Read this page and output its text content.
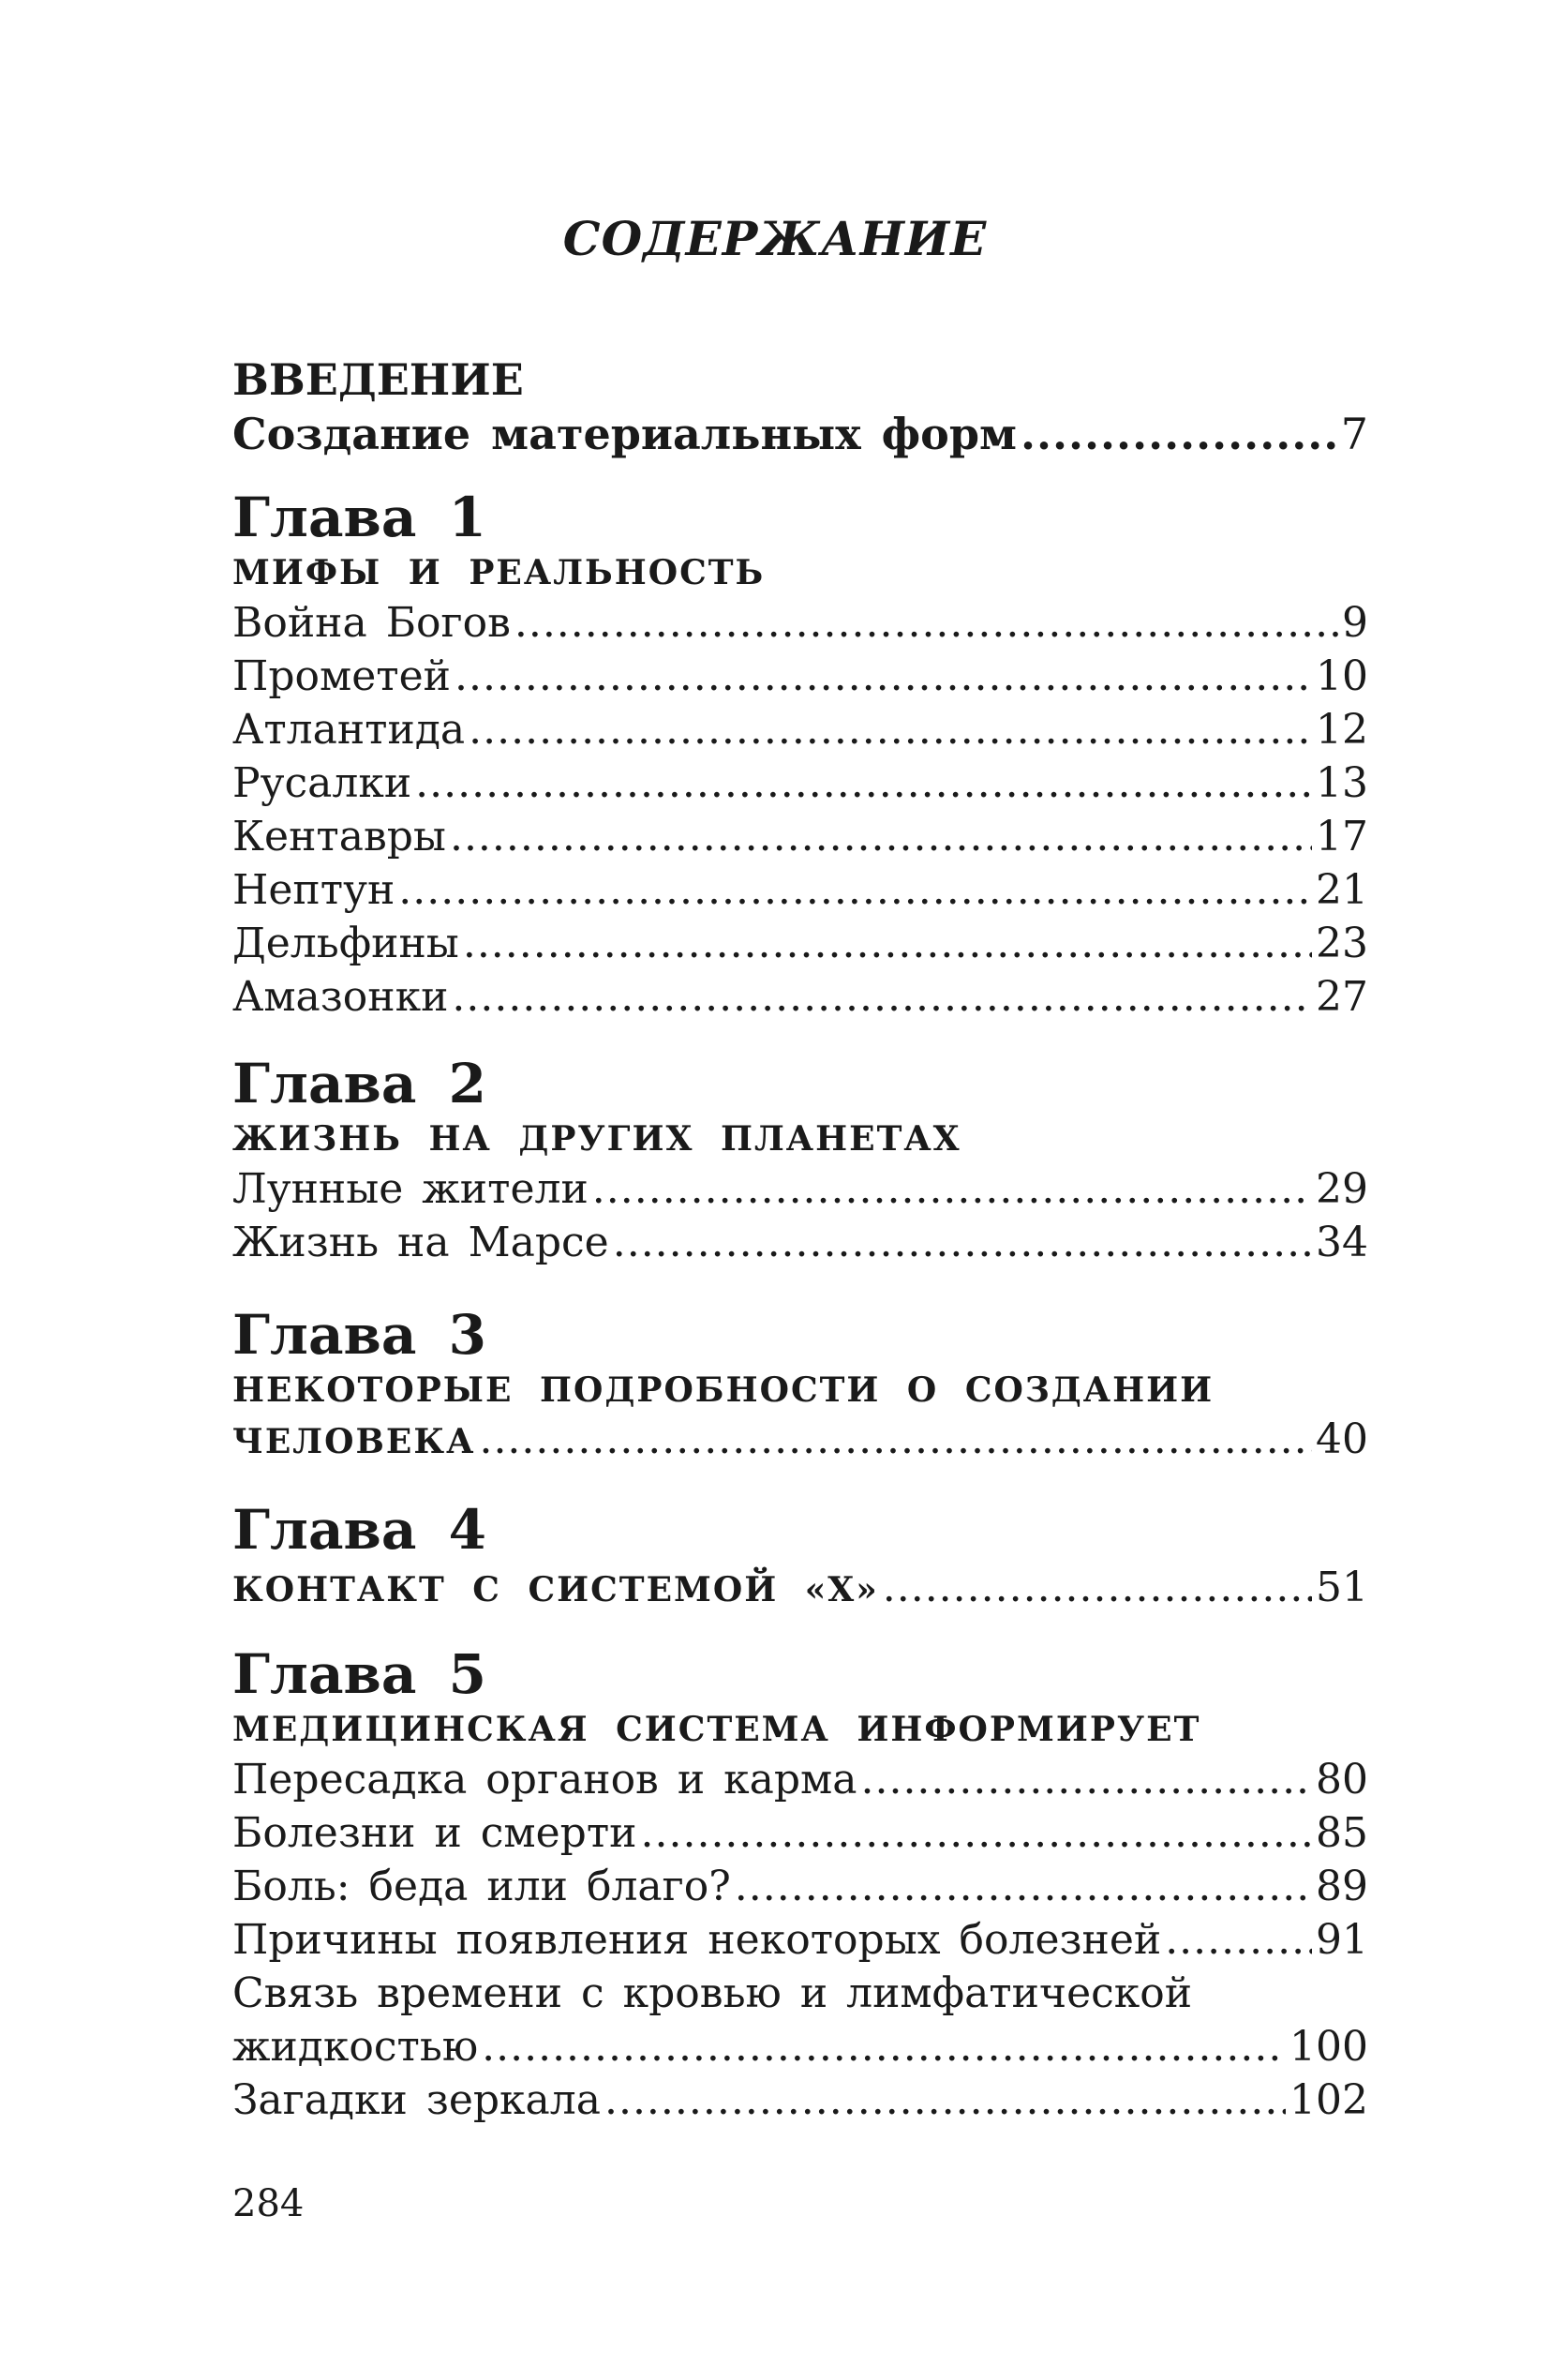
СОДЕРЖАНИЕ
ВВЕДЕНИЕ
Создание материальных форм .....	7
Глава 1
МИФЫ И РЕАЛЬНОСТЬ
Война Богов .....	9
Прометей .....	10
Атлантида .....	12
Русалки .....	13
Кентавры .....	17
Нептун .....	21
Дельфины .....	23
Амазонки .....	27
Глава 2
ЖИЗНЬ НА ДРУГИХ ПЛАНЕТАХ
Лунные жители .....	29
Жизнь на Марсе .....	34
Глава 3
НЕКОТОРЫЕ ПОДРОБНОСТИ О СОЗДАНИИ
ЧЕЛОВЕКА .....	40
Глава 4
КОНТАКТ С СИСТЕМОЙ «Х» .....	51
Глава 5
МЕДИЦИНСКАЯ СИСТЕМА ИНФОРМИРУЕТ
Пересадка органов и карма .....	80
Болезни и смерти .....	85
Боль: беда или благо? .....	89
Причины появления некоторых болезней .....	91
Связь времени с кровью и лимфатической
жидкостью .....	100
Загадки зеркала .....	102
284
